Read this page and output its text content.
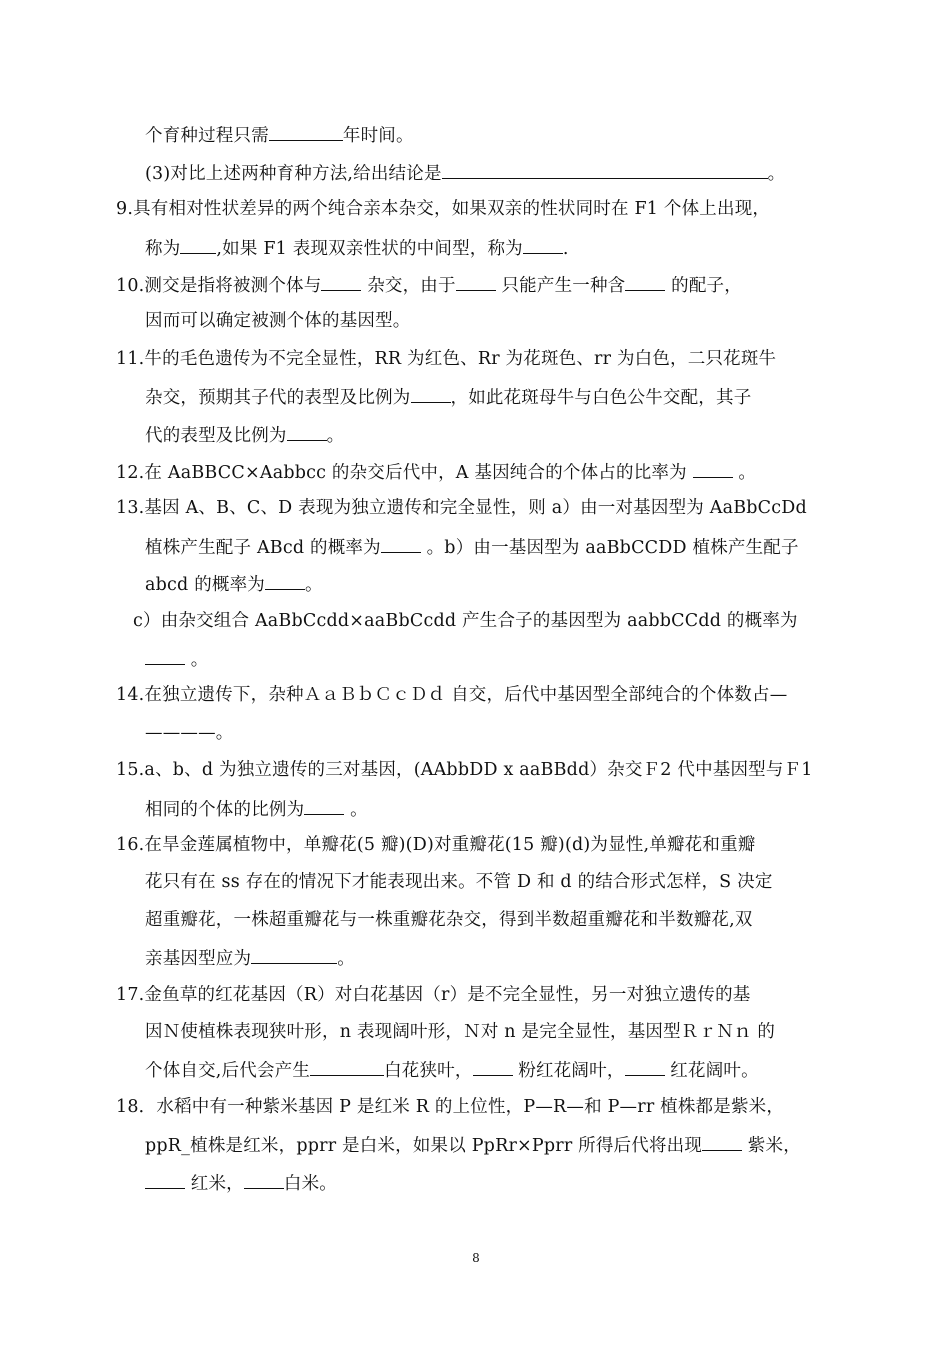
个育种过程只需	年时间。
(3)对比上述两种育种方法,给出结论是	。
9.具有相对性状差异的两个纯合亲本杂交，如果双亲的性状同时在 F1 个体上出现，
称为 ,如果 F1 表现双亲性状的中间型，称为 .
10.测交是指将被测个体与 杂交，由于 只能产生一种含 的配子，
因而可以确定被测个体的基因型。
11.牛的毛色遗传为不完全显性，RR 为红色、Rr 为花斑色、rr 为白色，二只花斑牛
杂交，预期其子代的表型及比例为 ，如此花斑母牛与白色公牛交配，其子
代的表型及比例为 。
12.在 AaBBCC×Aabbcc 的杂交后代中，A 基因纯合的个体占的比率为  。
13.基因 A、B、C、D 表现为独立遗传和完全显性，则 a）由一对基因型为 AaBbCcDd
植株产生配子 ABcd 的概率为 。b）由一基因型为 aaBbCCDD 植株产生配子
abcd 的概率为 。
c）由杂交组合 AaBbCcdd×aaBbCcdd 产生合子的基因型为 aabbCCdd 的概率为
。
14.在独立遗传下，杂种ＡａＢｂＣｃＤｄ 自交，后代中基因型全部纯合的个体数占—
————。
15.a、b、d 为独立遗传的三对基因，(AAbbDD x aaBBdd）杂交Ｆ2 代中基因型与Ｆ1
相同的个体的比例为 。
16.在旱金莲属植物中，单瓣花(5 瓣)(D)对重瓣花(15 瓣)(d)为显性,单瓣花和重瓣
花只有在 ss 存在的情况下才能表现出来。不管 D 和 d 的结合形式怎样，S 决定
超重瓣花，一株超重瓣花与一株重瓣花杂交，得到半数超重瓣花和半数瓣花,双
亲基因型应为	。
17.金鱼草的红花基因（R）对白花基因（r）是不完全显性，另一对独立遗传的基
因Ｎ使植株表现狭叶形，n 表现阔叶形，Ｎ对 n 是完全显性，基因型ＲｒＮｎ 的
个体自交,后代会产生	白花狭叶， 粉红花阔叶， 红花阔叶。
18．水稻中有一种紫米基因 P 是红米 R 的上位性，P—R—和 P—rr 植株都是紫米，
ppR_植株是红米，pprr 是白米，如果以 PpRr×Pprr 所得后代将出现 紫米，
红米， 白米。
8
